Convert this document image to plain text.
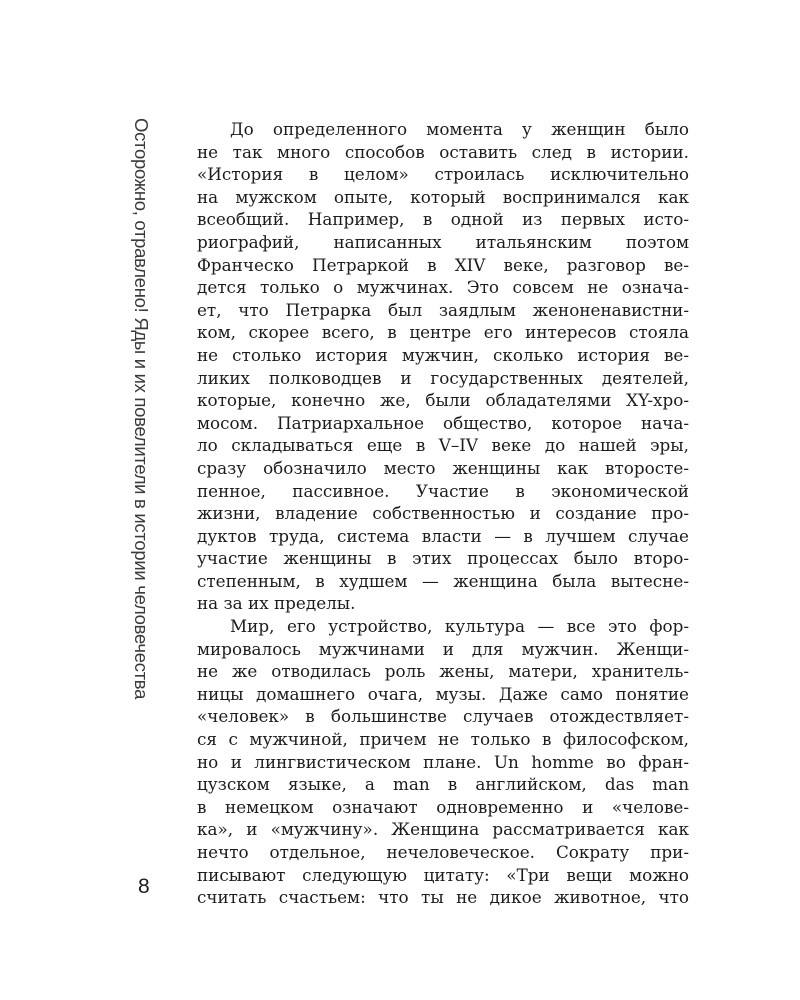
Осторожно, отравлено! Яды и их повелители в истории человечества	До определенного момента у женщин было
не так много способов оставить след в истории.
«История в целом» строилась исключительно
на мужском опыте, который воспринимался как
всеобщий. Например, в одной из первых исто-
риографий, написанных итальянским поэтом
Франческо Петраркой в XIV веке, разговор ве-
дется только о мужчинах. Это совсем не означа-
ет, что Петрарка был заядлым женоненавистни-
ком, скорее всего, в центре его интересов стояла
не столько история мужчин, сколько история ве-
ликих полководцев и государственных деятелей,
которые, конечно же, были обладателями XY-хро-
мосом. Патриархальное общество, которое нача-
ло складываться еще в V–IV веке до нашей эры,
сразу обозначило место женщины как второсте-
пенное, пассивное. Участие в экономической
жизни, владение собственностью и создание про-
дуктов труда, система власти — в лучшем случае
участие женщины в этих процессах было второ-
степенным, в худшем — женщина была вытесне-
на за их пределы.

Мир, его устройство, культура — все это фор-
мировалось мужчинами и для мужчин. Женщи-
не же отводилась роль жены, матери, хранитель-
ницы домашнего очага, музы. Даже само понятие
«человек» в большинстве случаев отождествляет-
ся с мужчиной, причем не только в философском,
но и лингвистическом плане. Un homme во фран-
цузском языке, а man в английском, das man
в немецком означают одновременно и «челове-
ка», и «мужчину». Женщина рассматривается как
нечто отдельное, нечеловеческое. Сократу при-
писывают следующую цитату: «Три вещи можно
считать счастьем: что ты не дикое животное, что

8
